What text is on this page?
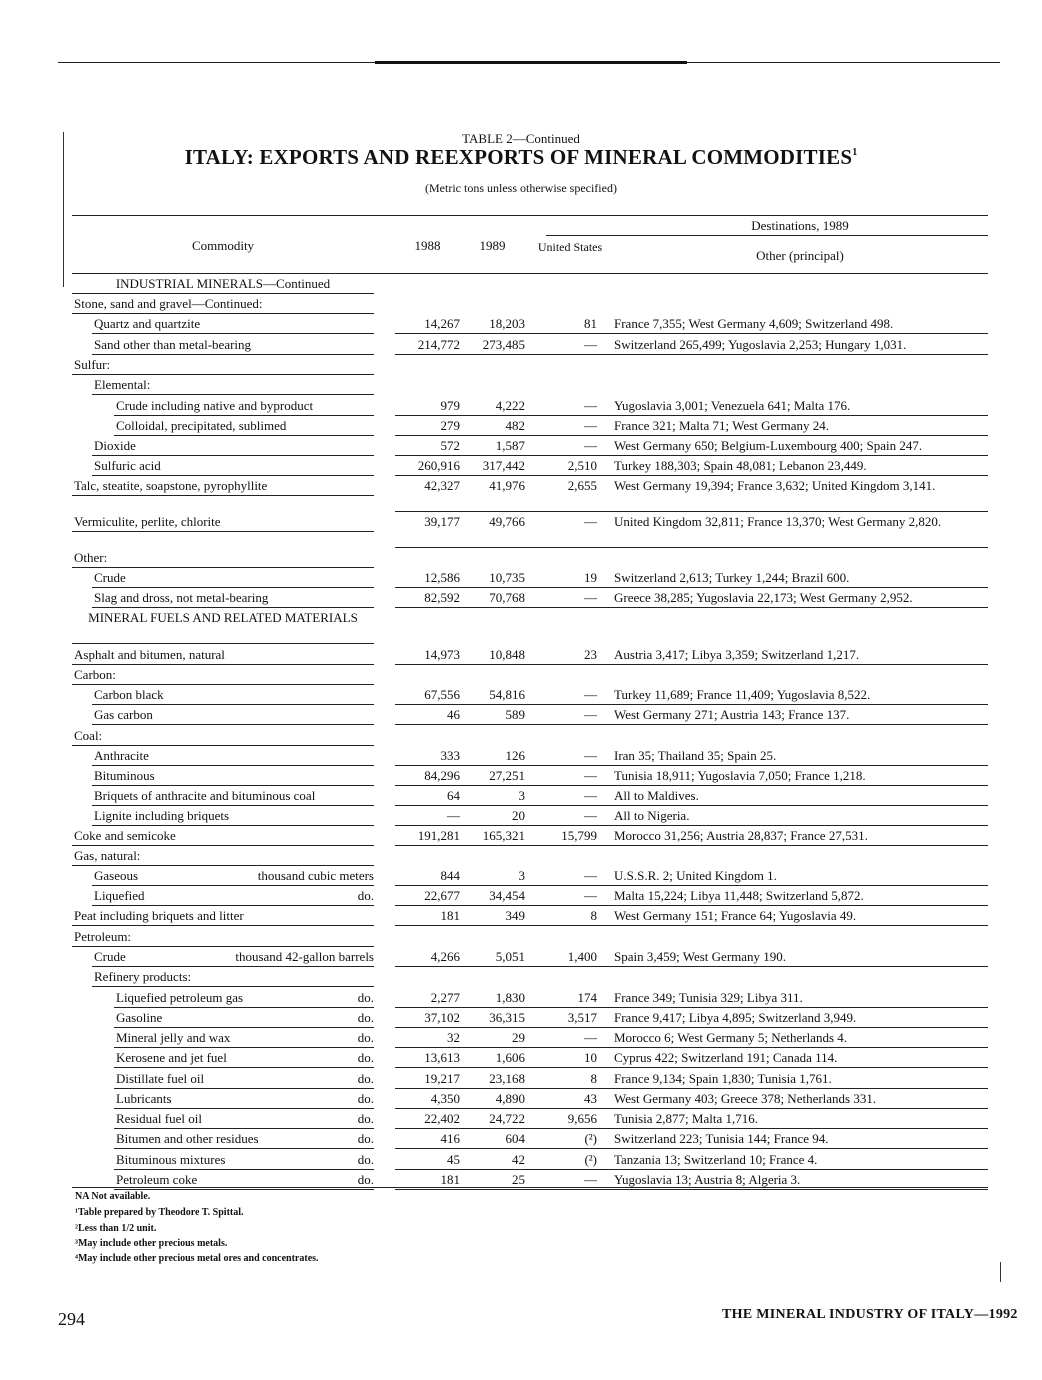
TABLE 2—Continued
ITALY: EXPORTS AND REEXPORTS OF MINERAL COMMODITIES$^1$
(Metric tons unless otherwise specified)
Destinations, 1989
Commodity	1988	1989	United States
Other (principal)
INDUSTRIAL MINERALS—Continued
Stone, sand and gravel—Continued:
Quartz and quartzite	14,267	18,203	81 France 7,355; West Germany 4,609; Switzerland 498.
Sand other than metal-bearing	214,772	273,485	— Switzerland 265,499; Yugoslavia 2,253; Hungary 1,031.
Sulfur:
Elemental:
Crude including native and byproduct	979	4,222	— Yugoslavia 3,001; Venezuela 641; Malta 176.
Colloidal, precipitated, sublimed	279	482	— France 321; Malta 71; West Germany 24.
Dioxide	572	1,587	— West Germany 650; Belgium-Luxembourg 400; Spain 247.
Sulfuric acid	260,916	317,442	2,510 Turkey 188,303; Spain 48,081; Lebanon 23,449.
Talc, steatite, soapstone, pyrophyllite	42,327	41,976	2,655 West Germany 19,394; France 3,632; United Kingdom 3,141.
Vermiculite, perlite, chlorite	39,177	49,766	— United Kingdom 32,811; France 13,370; West Germany 2,820.
Other:
Crude	12,586	10,735	19 Switzerland 2,613; Turkey 1,244; Brazil 600.
Slag and dross, not metal-bearing	82,592	70,768	— Greece 38,285; Yugoslavia 22,173; West Germany 2,952.
MINERAL FUELS AND RELATED MATERIALS
Asphalt and bitumen, natural	14,973	10,848	23 Austria 3,417; Libya 3,359; Switzerland 1,217.
Carbon:
Carbon black	67,556	54,816	— Turkey 11,689; France 11,409; Yugoslavia 8,522.
Gas carbon	46	589	— West Germany 271; Austria 143; France 137.
Coal:
Anthracite	333	126	— Iran 35; Thailand 35; Spain 25.
Bituminous	84,296	27,251	— Tunisia 18,911; Yugoslavia 7,050; France 1,218.
Briquets of anthracite and bituminous coal	64	3	— All to Maldives.
Lignite including briquets	—	20	— All to Nigeria.
Coke and semicoke	191,281	165,321	15,799 Morocco 31,256; Austria 28,837; France 27,531.
Gas, natural:
Gaseous	thousand cubic meters	844	3	— U.S.S.R. 2; United Kingdom 1.
Liquefied	do.	22,677	34,454	— Malta 15,224; Libya 11,448; Switzerland 5,872.
Peat including briquets and litter	181	349	8 West Germany 151; France 64; Yugoslavia 49.
Petroleum:
Crude	thousand 42-gallon barrels	4,266	5,051	1,400 Spain 3,459; West Germany 190.
Refinery products:
Liquefied petroleum gas	do.	2,277	1,830	174 France 349; Tunisia 329; Libya 311.
Gasoline	do.	37,102	36,315	3,517 France 9,417; Libya 4,895; Switzerland 3,949.
Mineral jelly and wax	do.	32	29	— Morocco 6; West Germany 5; Netherlands 4.
Kerosene and jet fuel	do.	13,613	1,606	10 Cyprus 422; Switzerland 191; Canada 114.
Distillate fuel oil	do.	19,217	23,168	8 France 9,134; Spain 1,830; Tunisia 1,761.
Lubricants	do.	4,350	4,890	43 West Germany 403; Greece 378; Netherlands 331.
Residual fuel oil	do.	22,402	24,722	9,656 Tunisia 2,877; Malta 1,716.
Bitumen and other residues	do.	416	604	(²) Switzerland 223; Tunisia 144; France 94.
Bituminous mixtures	do.	45	42	(²) Tanzania 13; Switzerland 10; France 4.
Petroleum coke	do.	181	25	— Yugoslavia 13; Austria 8; Algeria 3.
NA Not available.
¹Table prepared by Theodore T. Spittal.
²Less than 1/2 unit.
³May include other precious metals.
⁴May include other precious metal ores and concentrates.
294	THE MINERAL INDUSTRY OF ITALY—1992
